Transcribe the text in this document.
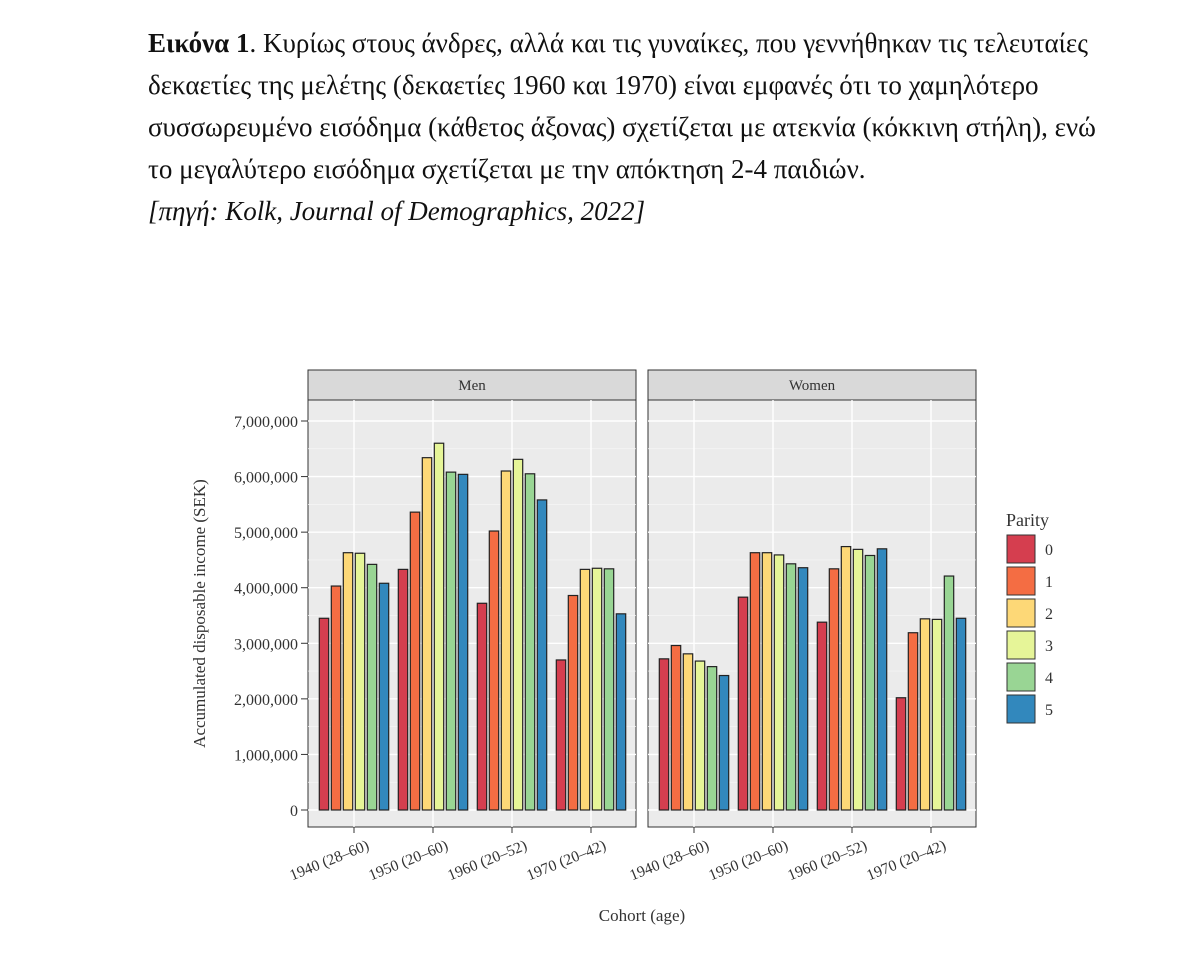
Εικόνα 1. Κυρίως στους άνδρες, αλλά και τις γυναίκες, που γεννήθηκαν τις τελευταίες δεκαετίες της μελέτης (δεκαετίες 1960 και 1970) είναι εμφανές ότι το χαμηλότερο συσσωρευμένο εισόδημα (κάθετος άξονας) σχετίζεται με ατεκνία (κόκκινη στήλη), ενώ το μεγαλύτερο εισόδημα σχετίζεται με την απόκτηση 2-4 παιδιών.
[πηγή: Kolk, Journal of Demographics, 2022]

0
1,000,000
2,000,000
3,000,000
4,000,000
5,000,000
6,000,000
7,000,000
Accumulated disposable income (SEK)
Men
1940 (28–60)
1950 (20–60)
1960 (20–52)
1970 (20–42)
Women
1940 (28–60)
1950 (20–60)
1960 (20–52)
1970 (20–42)
Cohort (age)
Parity
0
1
2
3
4
5
